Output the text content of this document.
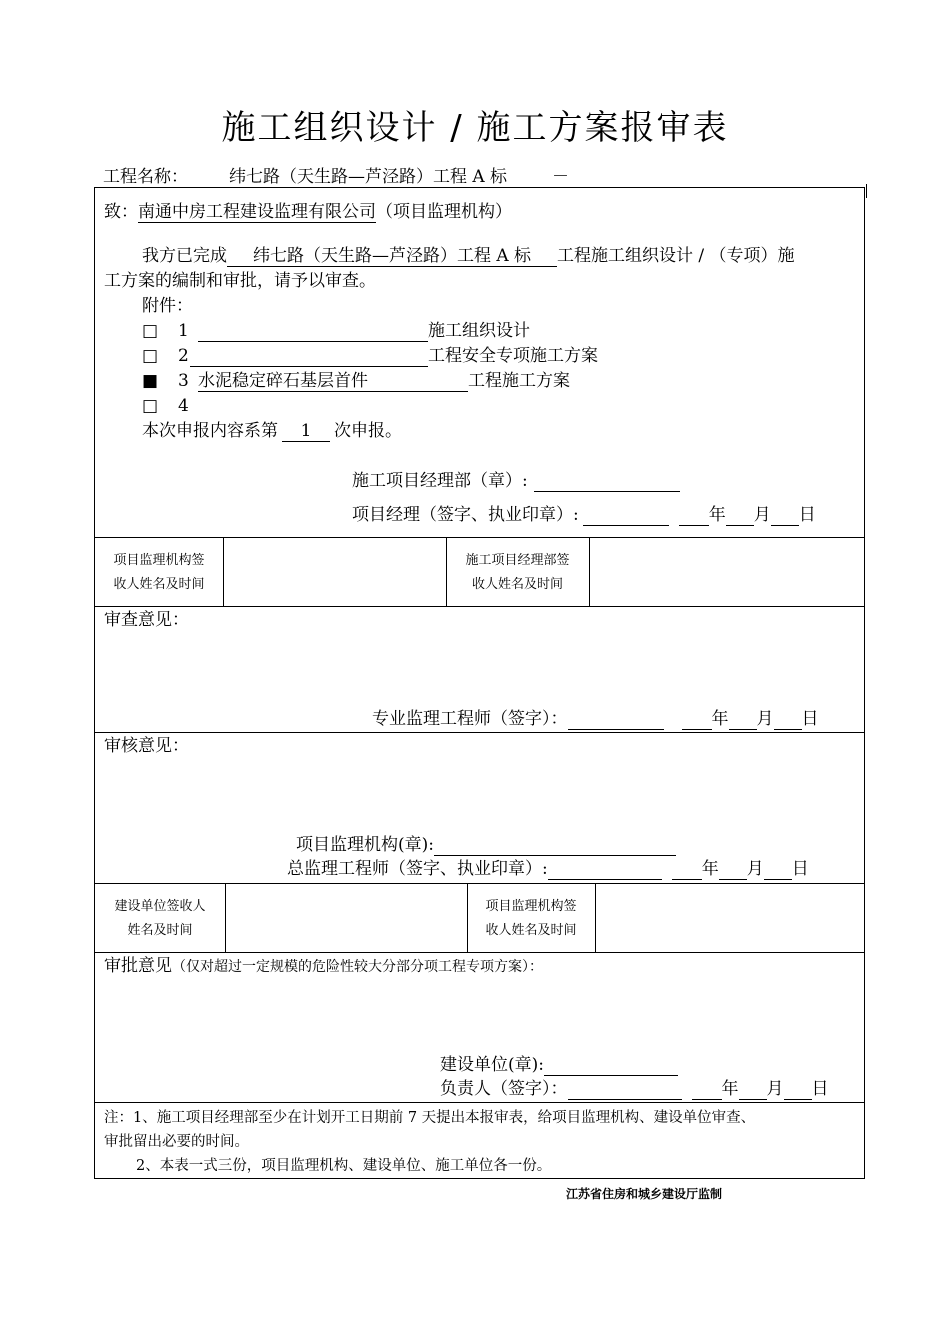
施工组织设计 / 施工方案报审表
工程名称： 纬七路（天生路—芦泾路）工程 A 标	－
致：南通中房工程建设监理有限公司（项目监理机构）
我方已完成 纬七路（天生路—芦泾路）工程 A 标 工程施工组织设计 / （专项）施
工方案的编制和审批，请予以审查。
附件：
□ 1	施工组织设计
□ 2	工程安全专项施工方案
■ 3 水泥稳定碎石基层首件	工程施工方案
□ 4
本次申报内容系第 1 次申报。
施工项目经理部（章）:
项目经理（签字、执业印章）:	年 月 日
项目监理机构签
收人姓名及时间
施工项目经理部签
收人姓名及时间
审查意见：
专业监理工程师（签字）：	年 月 日
审核意见：
项目监理机构(章):
总监理工程师（签字、执业印章）:	年 月 日
建设单位签收人
姓名及时间
项目监理机构签
收人姓名及时间
审批意见（仅对超过一定规模的危险性较大分部分项工程专项方案）：
建设单位(章):
负责人（签字）：	年 月 日
注：1、施工项目经理部至少在计划开工日期前 7 天提出本报审表，给项目监理机构、建设单位审查、
审批留出必要的时间。
2、本表一式三份，项目监理机构、建设单位、施工单位各一份。
江苏省住房和城乡建设厅监制
